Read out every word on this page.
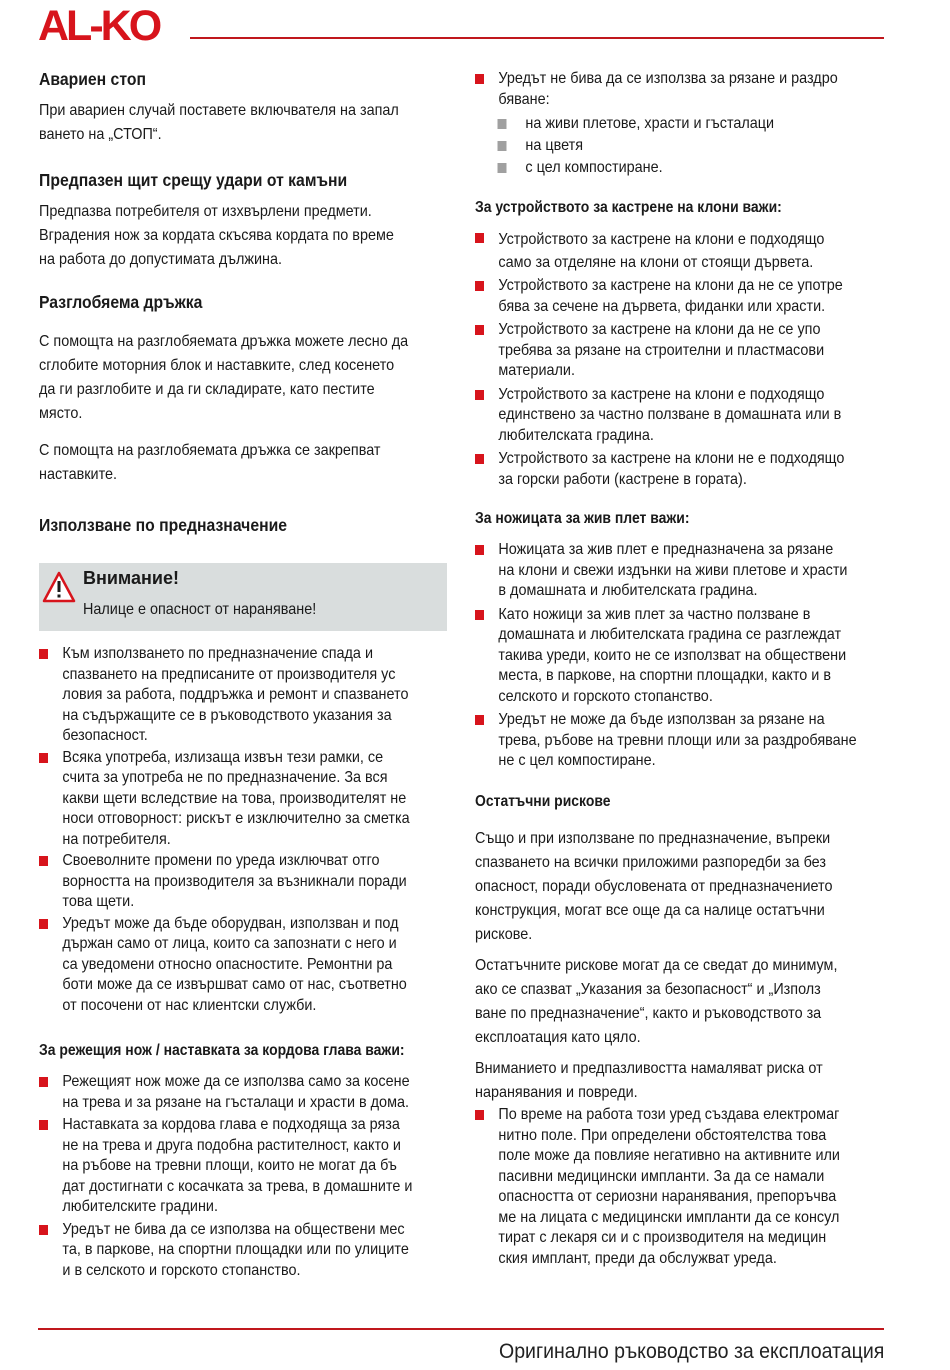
AL-KO
Авариен стоп

При авариен случай поставете включвателя на запал

ването на „СТОП“.

Предпазен щит срещу удари от камъни

Предпазва потребителя от изхвърлени предмети.

Вградения нож за кордата скъсява кордата по време

на работа до допустимата дължина.

Разглобяема дръжка

С помощта на разглобяемата дръжка можете лесно да

сглобите моторния блок и наставките, след косенето

да ги разглобите и да ги складирате, като пестите

място.

С помощта на разглобяемата дръжка се закрепват

наставките.

Използване по предназначение
Внимание!
Налице е опасност от нараняване!
Към използването по предназначение спада и
спазването на предписаните от производителя ус
ловия за работа, поддръжка и ремонт и спазването
на съдържащите се в ръководството указания за
безопасност.
Всяка употреба, излизаща извън тези рамки, се
счита за употреба не по предназначение. За вся
какви щети вследствие на това, производителят не
носи отговорност: рискът е изключително за сметка
на потребителя.
Своеволните промени по уреда изключват отго
ворността на производителя за възникнали поради
това щети.
Уредът може да бъде оборудван, използван и под
държан само от лица, които са запознати с него и
са уведомени относно опасностите. Ремонтни ра
боти може да се извършват само от нас, съответно
от посочени от нас клиентски служби.
За режещия нож / наставката за кордова глава важи:
Режещият нож може да се използва само за косене
на трева и за рязане на гъсталаци и храсти в дома.
Наставката за кордова глава е подходяща за ряза
не на трева и друга подобна растителност, както и
на ръбове на тревни площи, които не могат да бъ
дат достигнати с косачката за трева, в домашните и
любителските градини.
Уредът не бива да се използва на обществени мес
та, в паркове, на спортни площадки или по улиците
и в селското и горското стопанство.
Уредът не бива да се използва за рязане и раздро
бяване:
на живи плетове, храсти и гъсталаци
на цветя
с цел компостиране.
За устройството за кастрене на клони важи:
Устройството за кастрене на клони е подходящо
само за отделяне на клони от стоящи дървета.
Устройството за кастрене на клони да не се употре
бява за сечене на дървета, фиданки или храсти.
Устройството за кастрене на клони да не се упо
требява за рязане на строителни и пластмасови
материали.
Устройството за кастрене на клони е подходящо
единствено за частно ползване в домашната или в
любителската градина.
Устройството за кастрене на клони не е подходящо
за горски работи (кастрене в гората).
За ножицата за жив плет важи:
Ножицата за жив плет е предназначена за рязане
на клони и свежи издънки на живи плетове и храсти
в домашната и любителската градина.
Като ножици за жив плет за частно ползване в
домашната и любителската градина се разглеждат
такива уреди, които не се използват на обществени
места, в парковe, на спортни площадки, както и в
селското и горското стопанство.
Уредът не може да бъде използван за рязане на
трева, ръбове на тревни площи или за раздробяване
не с цел компостиране.
Остатъчни рискове

Също и при използване по предназначение, въпреки

спазването на всички приложими разпоредби за без

опасност, поради обусловената от предназначението

конструкция, могат все още да са налице остатъчни

рискове.

Остатъчните рискове могат да се сведат до минимум,

ако се спазват „Указания за безопасност“ и „Използ

ване по предназначение“, както и ръководството за

експлоатация като цяло.

Вниманието и предпазливостта намаляват риска от

наранявания и повреди.

По време на работа този уред създава електромаг
нитно поле. При определени обстоятелства това
поле може да повлияе негативно на активните или
пасивни медицински импланти. За да се намали
опасността от сериозни наранявания, препоръчва
ме на лицата с медицински импланти да се консул
тират с лекаря си и с производителя на медицин
ския имплант, преди да обслужват уреда.
Оригинално ръководство за експлоатация
